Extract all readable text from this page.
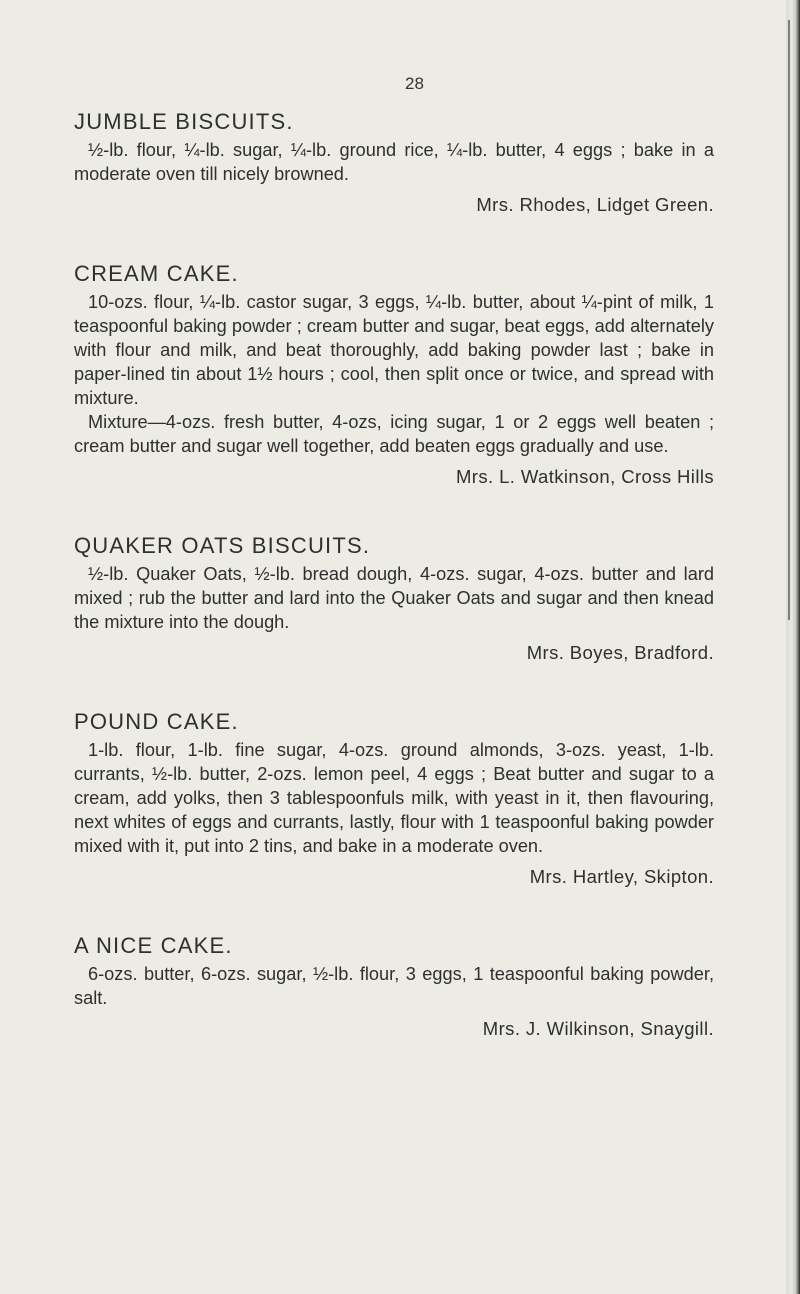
28
JUMBLE BISCUITS.

½-lb. flour, ¼-lb. sugar, ¼-lb. ground rice, ¼-lb. butter, 4 eggs ; bake in a moderate oven till nicely browned.

Mrs. Rhodes, Lidget Green.

CREAM CAKE.

10-ozs. flour, ¼-lb. castor sugar, 3 eggs, ¼-lb. butter, about ¼-pint of milk, 1 teaspoonful baking powder ; cream butter and sugar, beat eggs, add alternately with flour and milk, and beat thoroughly, add baking powder last ; bake in paper-lined tin about 1½ hours ; cool, then split once or twice, and spread with mixture.

Mixture—4-ozs. fresh butter, 4-ozs, icing sugar, 1 or 2 eggs well beaten ; cream butter and sugar well together, add beaten eggs gradually and use.

Mrs. L. Watkinson, Cross Hills

QUAKER OATS BISCUITS.

½-lb. Quaker Oats, ½-lb. bread dough, 4-ozs. sugar, 4-ozs. butter and lard mixed ; rub the butter and lard into the Quaker Oats and sugar and then knead the mixture into the dough.

Mrs. Boyes, Bradford.

POUND CAKE.

1-lb. flour, 1-lb. fine sugar, 4-ozs. ground almonds, 3-ozs. yeast, 1-lb. currants, ½-lb. butter, 2-ozs. lemon peel, 4 eggs ; Beat butter and sugar to a cream, add yolks, then 3 tablespoonfuls milk, with yeast in it, then flavouring, next whites of eggs and currants, lastly, flour with 1 teaspoonful baking powder mixed with it, put into 2 tins, and bake in a moderate oven.

Mrs. Hartley, Skipton.

A NICE CAKE.

6-ozs. butter, 6-ozs. sugar, ½-lb. flour, 3 eggs, 1 teaspoonful baking powder, salt.

Mrs. J. Wilkinson, Snaygill.
